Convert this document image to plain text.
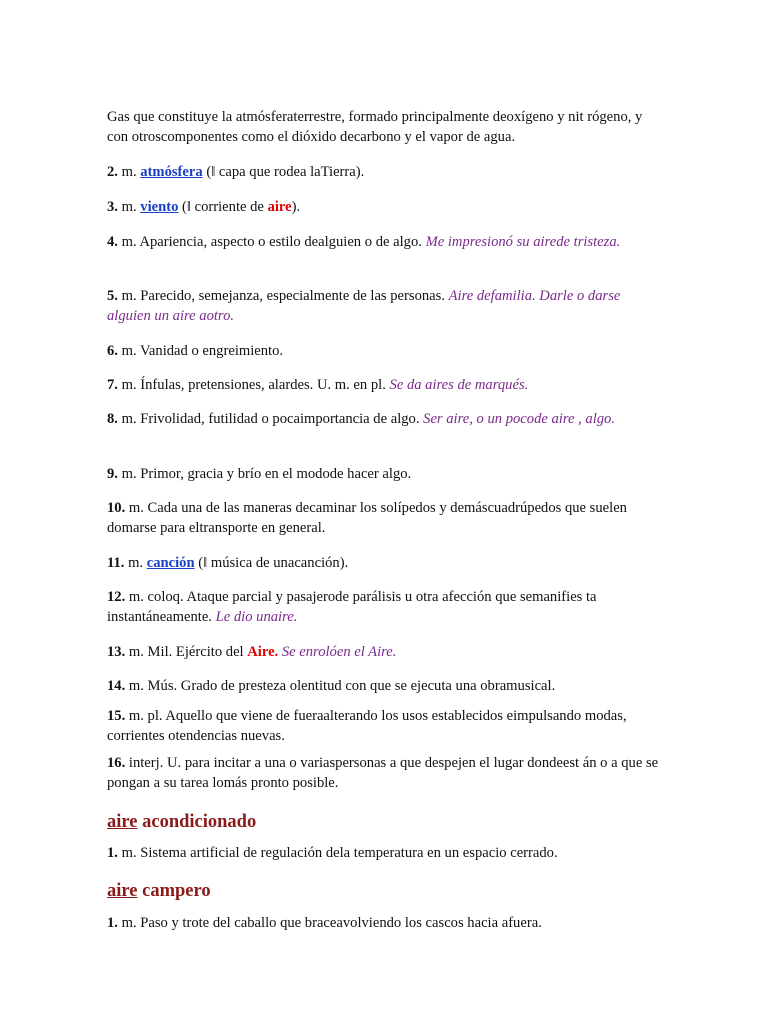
Gas que constituye la atmósferaterrestre, formado principalmente deoxígeno y nit rógeno, y con otroscomponentes como el dióxido decarbono y el vapor de agua.

2. m. atmósfera (‖ capa que rodea laTierra).

3. m. viento (‖ corriente de aire).

4. m. Apariencia, aspecto o estilo dealguien o de algo. Me impresionó su airede tristeza.

5. m. Parecido, semejanza, especialmente de las personas. Aire defamilia. Darle o darse alguien un aire aotro.

6. m. Vanidad o engreimiento.

7. m. Ínfulas, pretensiones, alardes. U. m. en pl. Se da aires de marqués.

8. m. Frivolidad, futilidad o pocaimportancia de algo. Ser aire, o un pocode aire , algo.

9. m. Primor, gracia y brío en el modode hacer algo.

10. m. Cada una de las maneras decaminar los solípedos y demáscuadrúpedos que suelen domarse para eltransporte en general.

11. m. canción (‖ música de unacanción).

12. m. coloq. Ataque parcial y pasajerode parálisis u otra afección que semanifies ta instantáneamente. Le dio unaire.

13. m. Mil. Ejército del Aire. Se enrolóen el Aire.

14. m. Mús. Grado de presteza olentitud con que se ejecuta una obramusical.

15. m. pl. Aquello que viene de fueraalterando los usos establecidos eimpulsando modas, corrientes otendencias nuevas.

16. interj. U. para incitar a una o variaspersonas a que despejen el lugar dondeest án o a que se pongan a su tarea lomás pronto posible.

aire acondicionado

1. m. Sistema artificial de regulación dela temperatura en un espacio cerrado.

aire campero

1. m. Paso y trote del caballo que braceavolviendo los cascos hacia afuera.
